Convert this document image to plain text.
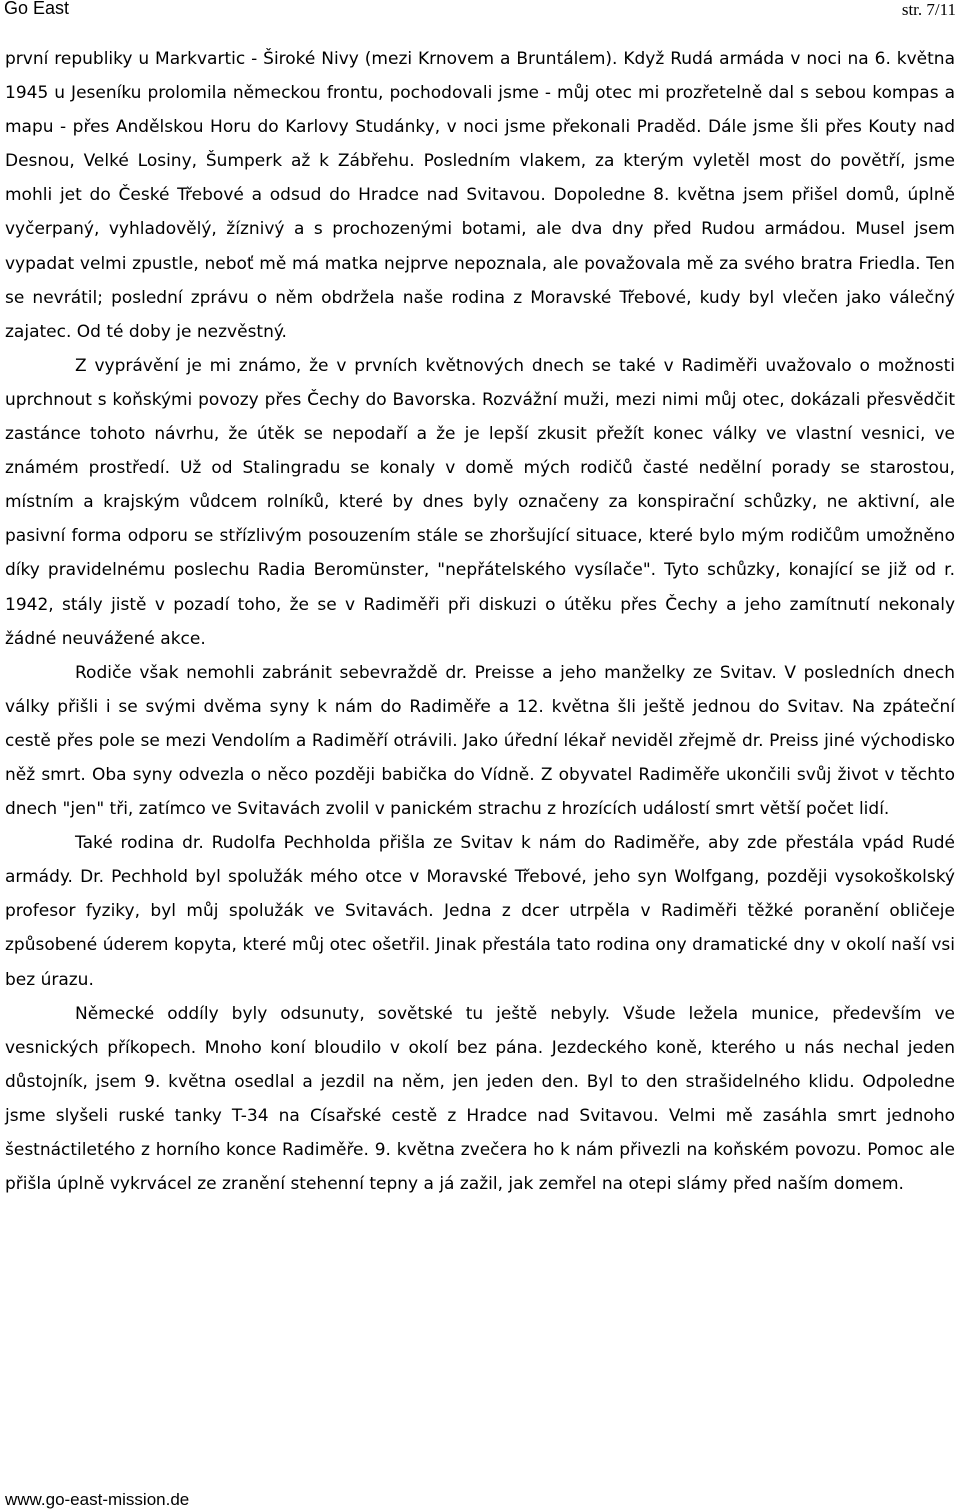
Go East	str. 7/11

první republiky u Markvartic - Široké Nivy (mezi Krnovem a Bruntálem). Když Rudá armáda v noci na 6. května 1945 u Jeseníku prolomila německou frontu, pochodovali jsme - můj otec mi prozřetelně dal s sebou kompas a mapu - přes Andělskou Horu do Karlovy Studánky, v noci jsme překonali Praděd. Dále jsme šli přes Kouty nad Desnou, Velké Losiny, Šumperk až k Zábřehu. Posledním vlakem, za kterým vyletěl most do povětří, jsme mohli jet do České Třebové a odsud do Hradce nad Svitavou. Dopoledne 8. května jsem přišel domů, úplně vyčerpaný, vyhladovělý, žíznivý a s prochozenými botami, ale dva dny před Rudou armádou. Musel jsem vypadat velmi zpustle, neboť mě má matka nejprve nepoznala, ale považovala mě za svého bratra Friedla. Ten se nevrátil; poslední zprávu o něm obdržela naše rodina z Moravské Třebové, kudy byl vlečen jako válečný zajatec. Od té doby je nezvěstný.

Z vyprávění je mi známo, že v prvních květnových dnech se také v Radiměři uvažovalo o možnosti uprchnout s koňskými povozy přes Čechy do Bavorska. Rozvážní muži, mezi nimi můj otec, dokázali přesvědčit zastánce tohoto návrhu, že útěk se nepodaří a že je lepší zkusit přežít konec války ve vlastní vesnici, ve známém prostředí. Už od Stalingradu se konaly v domě mých rodičů časté nedělní porady se starostou, místním a krajským vůdcem rolníků, které by dnes byly označeny za konspirační schůzky, ne aktivní, ale pasivní forma odporu se střízlivým posouzením stále se zhoršující situace, které bylo mým rodičům umožněno díky pravidelnému poslechu Radia Beromünster, "nepřátelského vysílače". Tyto schůzky, konající se již od r. 1942, stály jistě v pozadí toho, že se v Radiměři při diskuzi o útěku přes Čechy a jeho zamítnutí nekonaly žádné neuvážené akce.

Rodiče však nemohli zabránit sebevraždě dr. Preisse a jeho manželky ze Svitav. V posledních dnech války přišli i se svými dvěma syny k nám do Radiměře a 12. května šli ještě jednou do Svitav. Na zpáteční cestě přes pole se mezi Vendolím a Radiměří otrávili. Jako úřední lékař neviděl zřejmě dr. Preiss jiné východisko něž smrt. Oba syny odvezla o něco později babička do Vídně. Z obyvatel Radiměře ukončili svůj život v těchto dnech "jen" tři, zatímco ve Svitavách zvolil v panickém strachu z hrozících událostí smrt větší počet lidí.

Také rodina dr. Rudolfa Pechholda přišla ze Svitav k nám do Radiměře, aby zde přestála vpád Rudé armády. Dr. Pechhold byl spolužák mého otce v Moravské Třebové, jeho syn Wolfgang, později vysokoškolský profesor fyziky, byl můj spolužák ve Svitavách. Jedna z dcer utrpěla v Radiměři těžké poranění obličeje způsobené úderem kopyta, které můj otec ošetřil. Jinak přestála tato rodina ony dramatické dny v okolí naší vsi bez úrazu.

Německé oddíly byly odsunuty, sovětské tu ještě nebyly. Všude ležela munice, především ve vesnických příkopech. Mnoho koní bloudilo v okolí bez pána. Jezdeckého koně, kterého u nás nechal jeden důstojník, jsem 9. května osedlal a jezdil na něm, jen jeden den. Byl to den strašidelného klidu. Odpoledne jsme slyšeli ruské tanky T-34 na Císařské cestě z Hradce nad Svitavou. Velmi mě zasáhla smrt jednoho šestnáctiletého z horního konce Radiměře. 9. května zvečera ho k nám přivezli na koňském povozu. Pomoc ale přišla úplně vykrvácel ze zranění stehenní tepny a já zažil, jak zemřel na otepi slámy před naším domem.

www.go-east-mission.de
